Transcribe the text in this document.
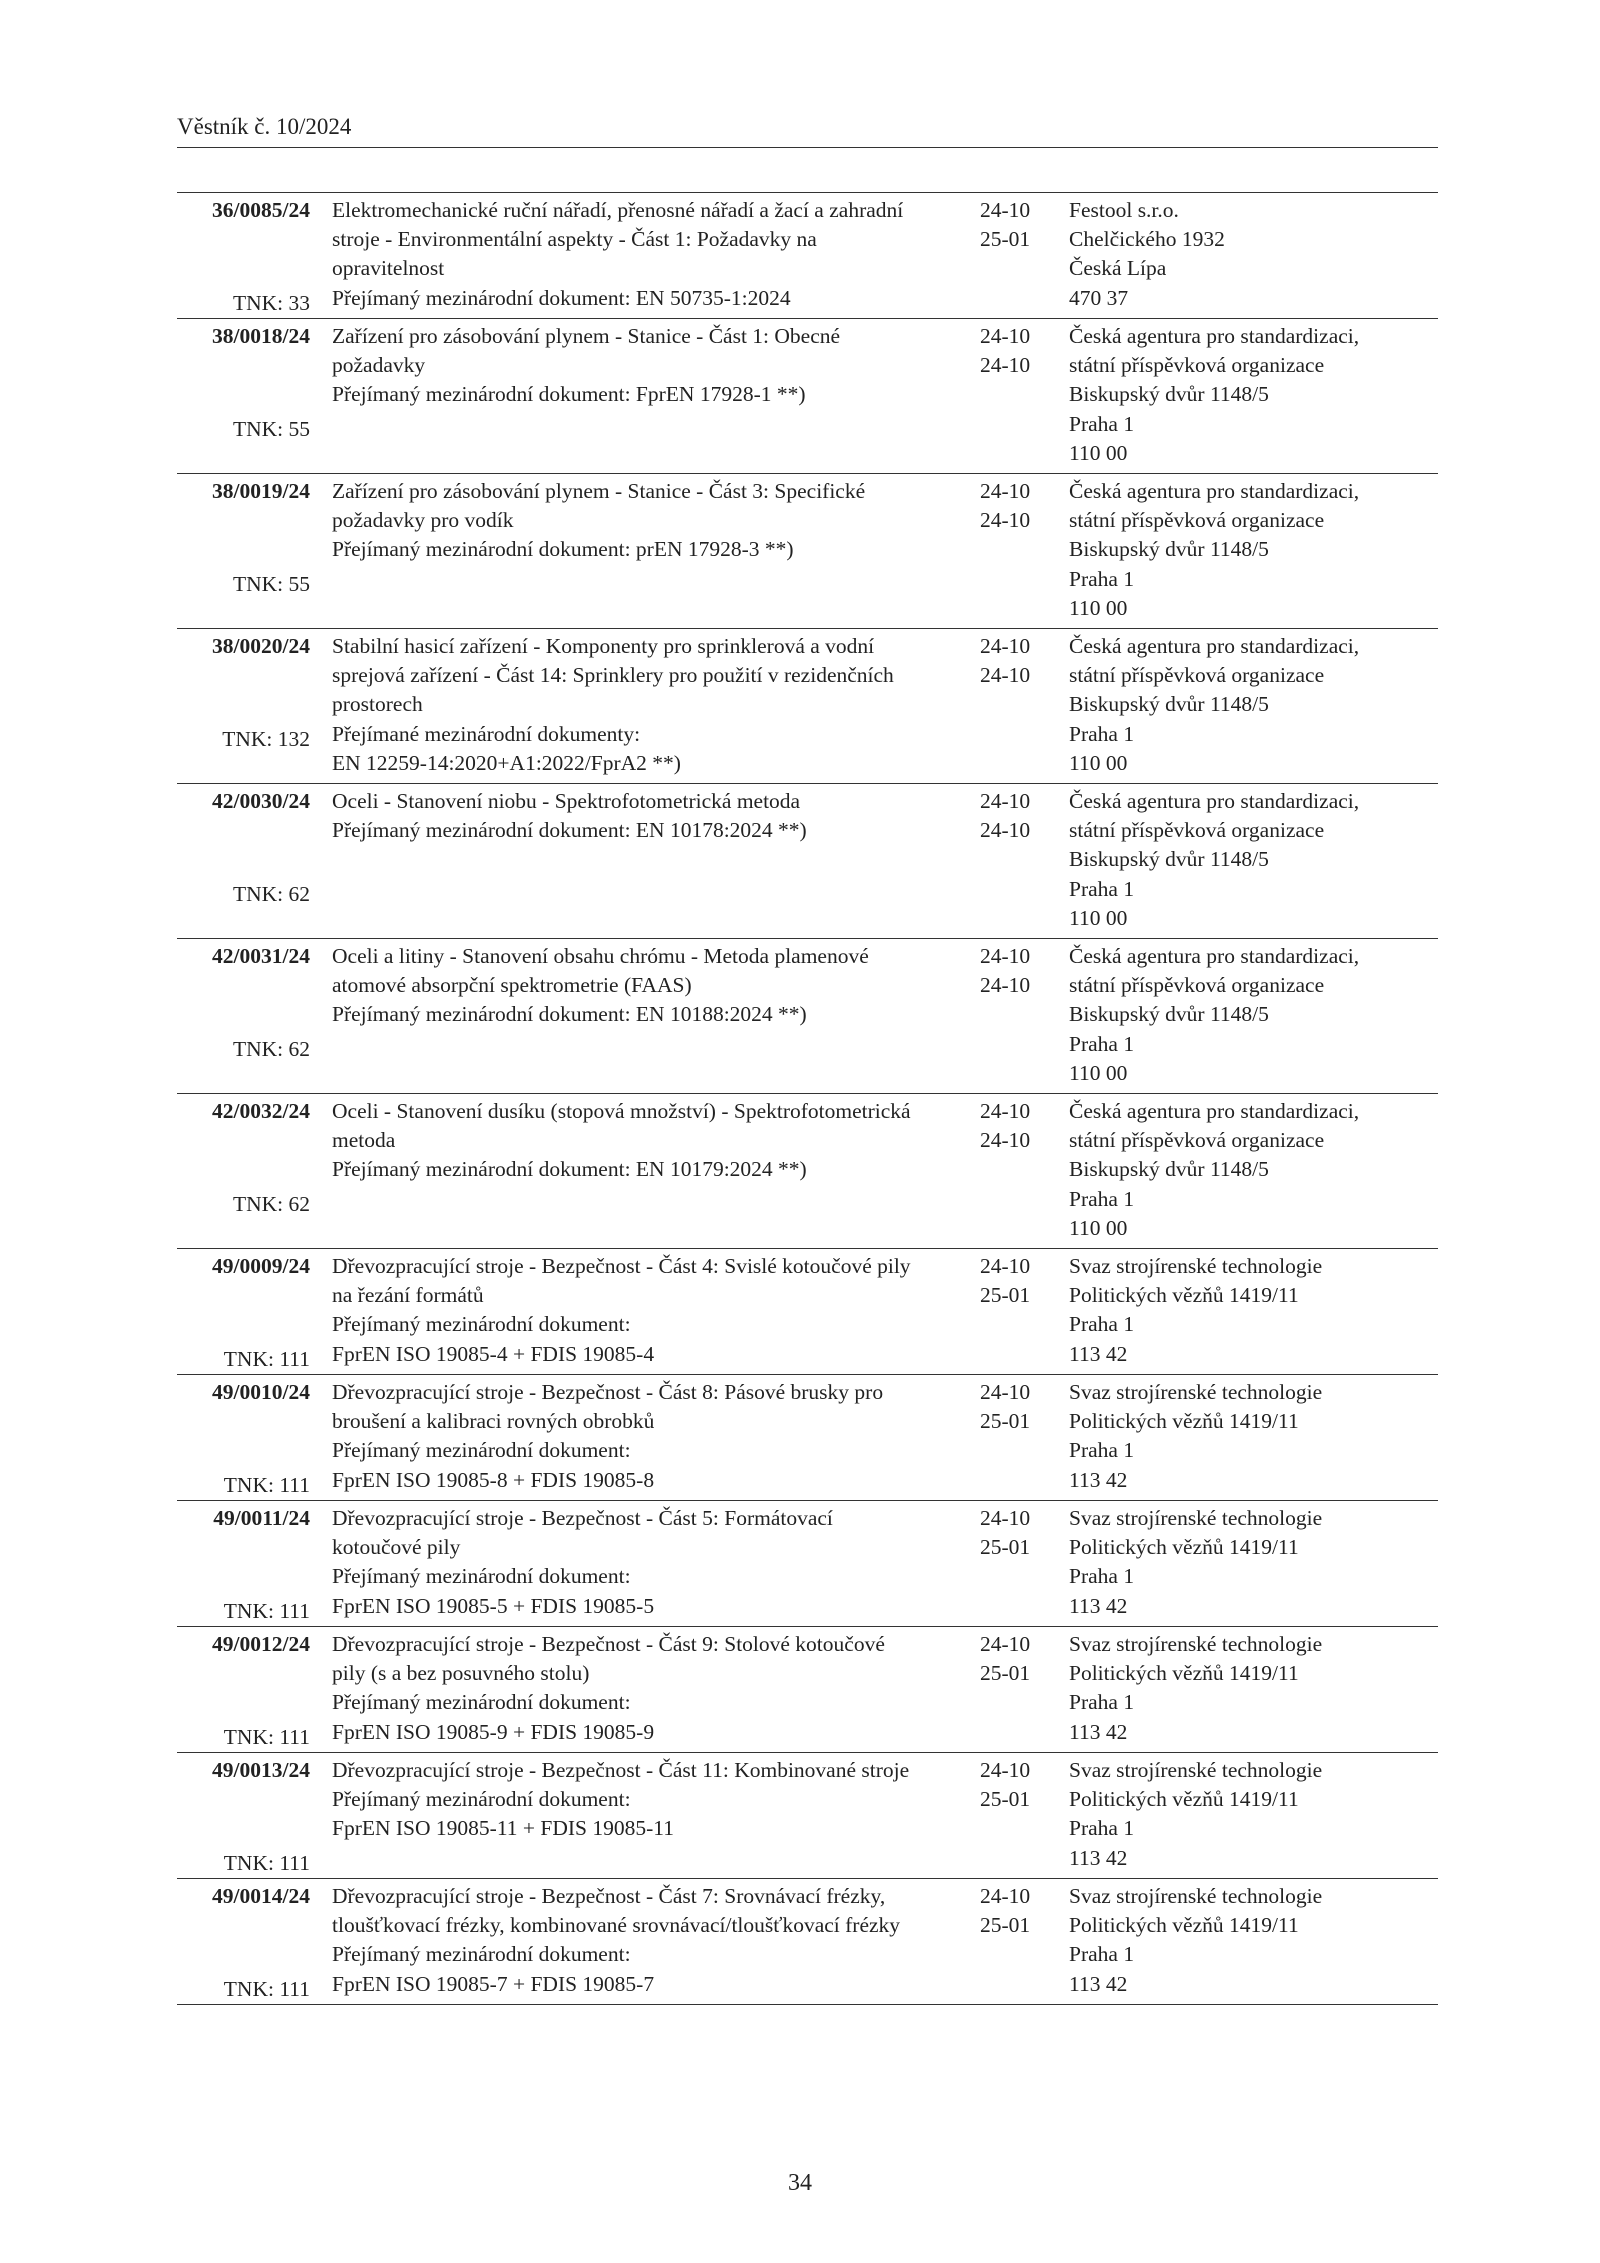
Věstník č. 10/2024
36/0085/24
TNK: 33
Elektromechanické ruční nářadí, přenosné nářadí a žací a zahradní
stroje - Environmentální aspekty - Část 1: Požadavky na
opravitelnost
Přejímaný mezinárodní dokument: EN 50735-1:2024
24-10
25-01
Festool s.r.o.
Chelčického 1932
Česká Lípa
470 37
38/0018/24
TNK: 55
Zařízení pro zásobování plynem - Stanice - Část 1: Obecné
požadavky
Přejímaný mezinárodní dokument: FprEN 17928-1 **)
24-10
24-10
Česká agentura pro standardizaci,
státní příspěvková organizace
Biskupský dvůr 1148/5
Praha 1
110 00
38/0019/24
TNK: 55
Zařízení pro zásobování plynem - Stanice - Část 3: Specifické
požadavky pro vodík
Přejímaný mezinárodní dokument: prEN 17928-3 **)
24-10
24-10
Česká agentura pro standardizaci,
státní příspěvková organizace
Biskupský dvůr 1148/5
Praha 1
110 00
38/0020/24
TNK: 132
Stabilní hasicí zařízení - Komponenty pro sprinklerová a vodní
sprejová zařízení - Část 14: Sprinklery pro použití v rezidenčních
prostorech
Přejímané mezinárodní dokumenty:
EN 12259-14:2020+A1:2022/FprA2 **)
24-10
24-10
Česká agentura pro standardizaci,
státní příspěvková organizace
Biskupský dvůr 1148/5
Praha 1
110 00
42/0030/24
TNK: 62
Oceli - Stanovení niobu - Spektrofotometrická metoda
Přejímaný mezinárodní dokument: EN 10178:2024 **)
24-10
24-10
Česká agentura pro standardizaci,
státní příspěvková organizace
Biskupský dvůr 1148/5
Praha 1
110 00
42/0031/24
TNK: 62
Oceli a litiny - Stanovení obsahu chrómu - Metoda plamenové
atomové absorpční spektrometrie (FAAS)
Přejímaný mezinárodní dokument: EN 10188:2024 **)
24-10
24-10
Česká agentura pro standardizaci,
státní příspěvková organizace
Biskupský dvůr 1148/5
Praha 1
110 00
42/0032/24
TNK: 62
Oceli - Stanovení dusíku (stopová množství) - Spektrofotometrická
metoda
Přejímaný mezinárodní dokument: EN 10179:2024 **)
24-10
24-10
Česká agentura pro standardizaci,
státní příspěvková organizace
Biskupský dvůr 1148/5
Praha 1
110 00
49/0009/24
TNK: 111
Dřevozpracující stroje - Bezpečnost - Část 4: Svislé kotoučové pily
na řezání formátů
Přejímaný mezinárodní dokument:
FprEN ISO 19085-4 + FDIS 19085-4
24-10
25-01
Svaz strojírenské technologie
Politických vězňů 1419/11
Praha 1
113 42
49/0010/24
TNK: 111
Dřevozpracující stroje - Bezpečnost - Část 8: Pásové brusky pro
broušení a kalibraci rovných obrobků
Přejímaný mezinárodní dokument:
FprEN ISO 19085-8 + FDIS 19085-8
24-10
25-01
Svaz strojírenské technologie
Politických vězňů 1419/11
Praha 1
113 42
49/0011/24
TNK: 111
Dřevozpracující stroje - Bezpečnost - Část 5: Formátovací
kotoučové pily
Přejímaný mezinárodní dokument:
FprEN ISO 19085-5 + FDIS 19085-5
24-10
25-01
Svaz strojírenské technologie
Politických vězňů 1419/11
Praha 1
113 42
49/0012/24
TNK: 111
Dřevozpracující stroje - Bezpečnost - Část 9: Stolové kotoučové
pily (s a bez posuvného stolu)
Přejímaný mezinárodní dokument:
FprEN ISO 19085-9 + FDIS 19085-9
24-10
25-01
Svaz strojírenské technologie
Politických vězňů 1419/11
Praha 1
113 42
49/0013/24
TNK: 111
Dřevozpracující stroje - Bezpečnost - Část 11: Kombinované stroje
Přejímaný mezinárodní dokument:
FprEN ISO 19085-11 + FDIS 19085-11
24-10
25-01
Svaz strojírenské technologie
Politických vězňů 1419/11
Praha 1
113 42
49/0014/24
TNK: 111
Dřevozpracující stroje - Bezpečnost - Část 7: Srovnávací frézky,
tloušťkovací frézky, kombinované srovnávací/tloušťkovací frézky
Přejímaný mezinárodní dokument:
FprEN ISO 19085-7 + FDIS 19085-7
24-10
25-01
Svaz strojírenské technologie
Politických vězňů 1419/11
Praha 1
113 42
34
